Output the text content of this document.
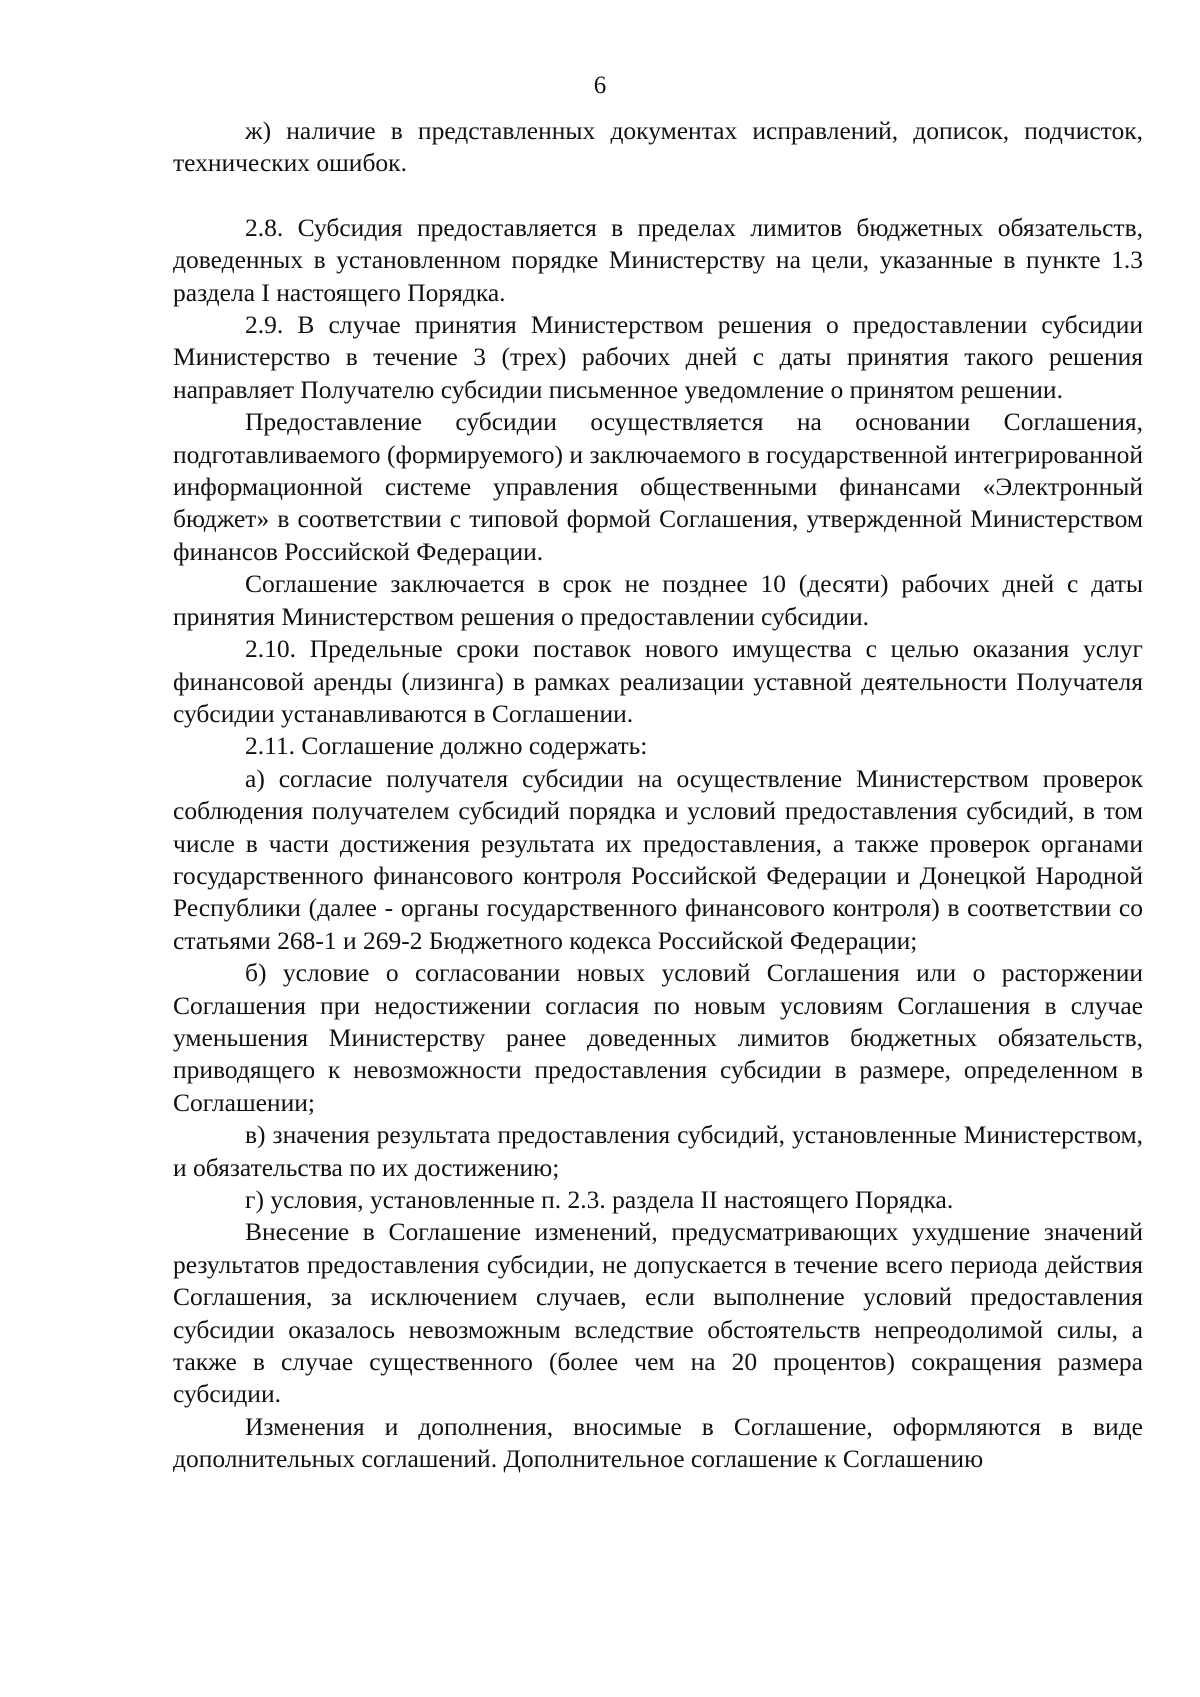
6

ж) наличие в представленных документах исправлений, дописок, подчисток, технических ошибок.

2.8. Субсидия предоставляется в пределах лимитов бюджетных обязательств, доведенных в установленном порядке Министерству на цели, указанные в пункте 1.3 раздела I настоящего Порядка.

2.9. В случае принятия Министерством решения о предоставлении субсидии Министерство в течение 3 (трех) рабочих дней с даты принятия такого решения направляет Получателю субсидии письменное уведомление о принятом решении.

Предоставление субсидии осуществляется на основании Соглашения, подготавливаемого (формируемого) и заключаемого в государственной интегрированной информационной системе управления общественными финансами «Электронный бюджет» в соответствии с типовой формой Соглашения, утвержденной Министерством финансов Российской Федерации.

Соглашение заключается в срок не позднее 10 (десяти) рабочих дней с даты принятия Министерством решения о предоставлении субсидии.

2.10. Предельные сроки поставок нового имущества с целью оказания услуг финансовой аренды (лизинга) в рамках реализации уставной деятельности Получателя субсидии устанавливаются в Соглашении.

2.11. Соглашение должно содержать:

а) согласие получателя субсидии на осуществление Министерством проверок соблюдения получателем субсидий порядка и условий предоставления субсидий, в том числе в части достижения результата их предоставления, а также проверок органами государственного финансового контроля Российской Федерации и Донецкой Народной Республики (далее - органы государственного финансового контроля) в соответствии со статьями 268-1 и 269-2 Бюджетного кодекса Российской Федерации;

б) условие о согласовании новых условий Соглашения или о расторжении Соглашения при недостижении согласия по новым условиям Соглашения в случае уменьшения Министерству ранее доведенных лимитов бюджетных обязательств, приводящего к невозможности предоставления субсидии в размере, определенном в Соглашении;

в) значения результата предоставления субсидий, установленные Министерством, и обязательства по их достижению;

г) условия, установленные п. 2.3. раздела II настоящего Порядка.

Внесение в Соглашение изменений, предусматривающих ухудшение значений результатов предоставления субсидии, не допускается в течение всего периода действия Соглашения, за исключением случаев, если выполнение условий предоставления субсидии оказалось невозможным вследствие обстоятельств непреодолимой силы, а также в случае существенного (более чем на 20 процентов) сокращения размера субсидии.

Изменения и дополнения, вносимые в Соглашение, оформляются в виде дополнительных соглашений. Дополнительное соглашение к Соглашению
